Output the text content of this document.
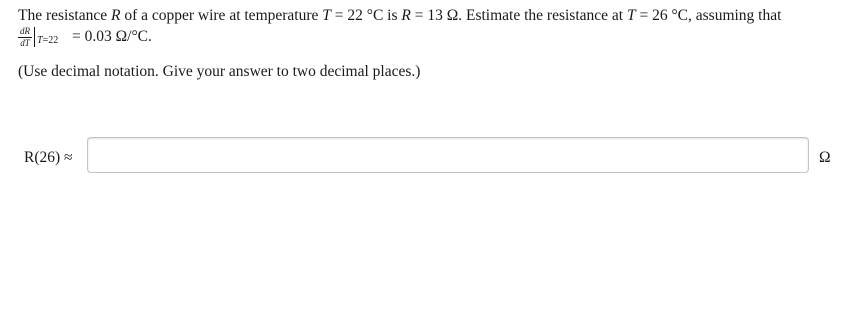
The resistance R of a copper wire at temperature T = 22 °C is R = 13 Ω. Estimate the resistance at T = 26 °C, assuming that
$\frac{dR}{dT} T=22 = 0.03$ Ω/°C.
(Use decimal notation. Give your answer to two decimal places.)
R(26) ≈	Ω
